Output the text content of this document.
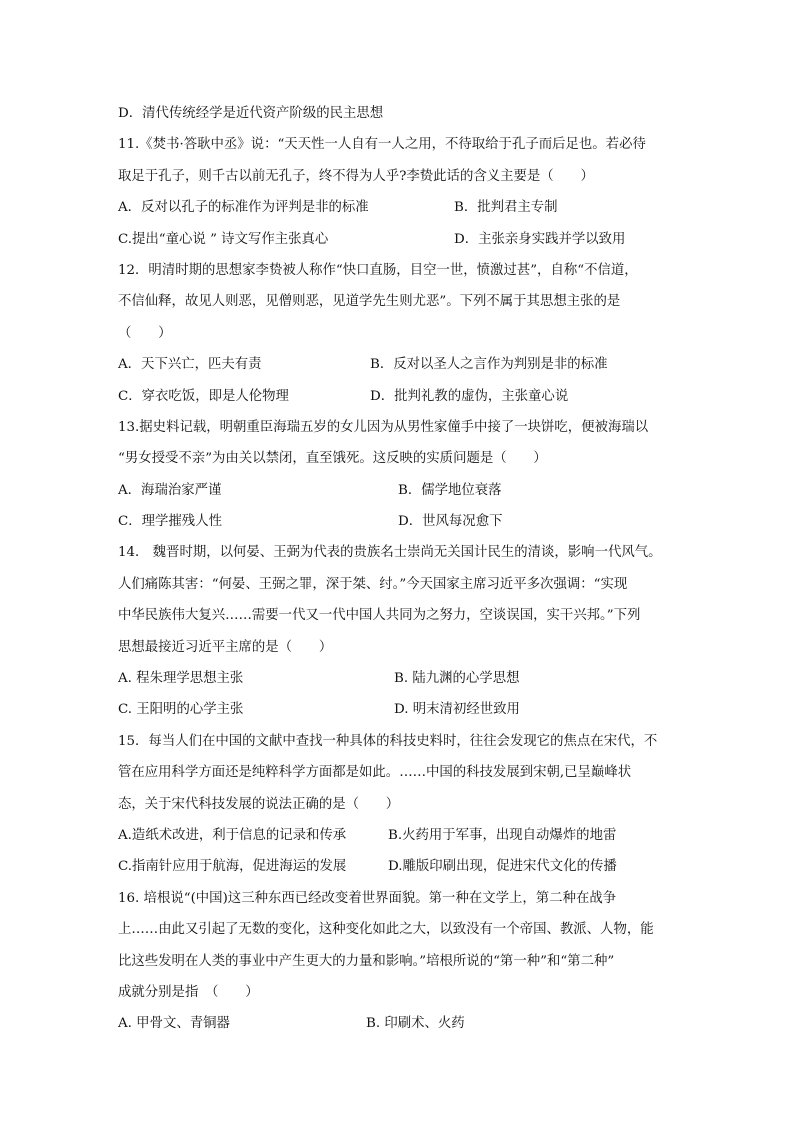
D．清代传统经学是近代资产阶级的民主思想
11.《焚书·答耿中丞》说：“天天性一人自有一人之用，不待取给于孔子而后足也。若必待
取足于孔子，则千古以前无孔子，终不得为人乎?李贽此话的含义主要是（　　）
A．反对以孔子的标准作为评判是非的标准	B．批判君主专制
C.提出“童心说 ” 诗文写作主张真心	D．主张亲身实践并学以致用
12．明清时期的思想家李贽被人称作“快口直肠，目空一世，愤激过甚”，自称“不信道，
不信仙释，故见人则恶，见僧则恶，见道学先生则尤恶”。下列不属于其思想主张的是
（　　）
A．天下兴亡，匹夫有责	B．反对以圣人之言作为判别是非的标准
C．穿衣吃饭，即是人伦物理	D．批判礼教的虚伪，主张童心说
13.据史料记载，明朝重臣海瑞五岁的女儿因为从男性家僮手中接了一块饼吃，便被海瑞以
“男女授受不亲”为由关以禁闭，直至饿死。这反映的实质问题是（　　）
A．海瑞治家严谨	B．儒学地位衰落
C．理学摧残人性	D．世风每况愈下
14． 魏晋时期，以何晏、王弼为代表的贵族名士崇尚无关国计民生的清谈，影响一代风气。
人们痛陈其害：“何晏、王弼之罪，深于桀、纣。”今天国家主席习近平多次强调：“实现
中华民族伟大复兴……需要一代又一代中国人共同为之努力，空谈误国，实干兴邦。”下列
思想最接近习近平主席的是（　　）
A. 程朱理学思想主张	B. 陆九渊的心学思想
C. 王阳明的心学主张	D. 明末清初经世致用
15．每当人们在中国的文献中查找一种具体的科技史料时，往往会发现它的焦点在宋代，不
管在应用科学方面还是纯粹科学方面都是如此。……中国的科技发展到宋朝,已呈巅峰状
态，关于宋代科技发展的说法正确的是（　　）
A.造纸术改进，利于信息的记录和传承	B.火药用于军事，出现自动爆炸的地雷
C.指南针应用于航海，促进海运的发展	D.雕版印刷出现，促进宋代文化的传播
16. 培根说“(中国)这三种东西已经改变着世界面貌。第一种在文学上，第二种在战争
上……由此又引起了无数的变化，这种变化如此之大，以致没有一个帝国、教派、人物，能
比这些发明在人类的事业中产生更大的力量和影响。”培根所说的“第一种”和“第二种”
成就分别是指　（　　）
A. 甲骨文、青铜器	B. 印刷术、火药
